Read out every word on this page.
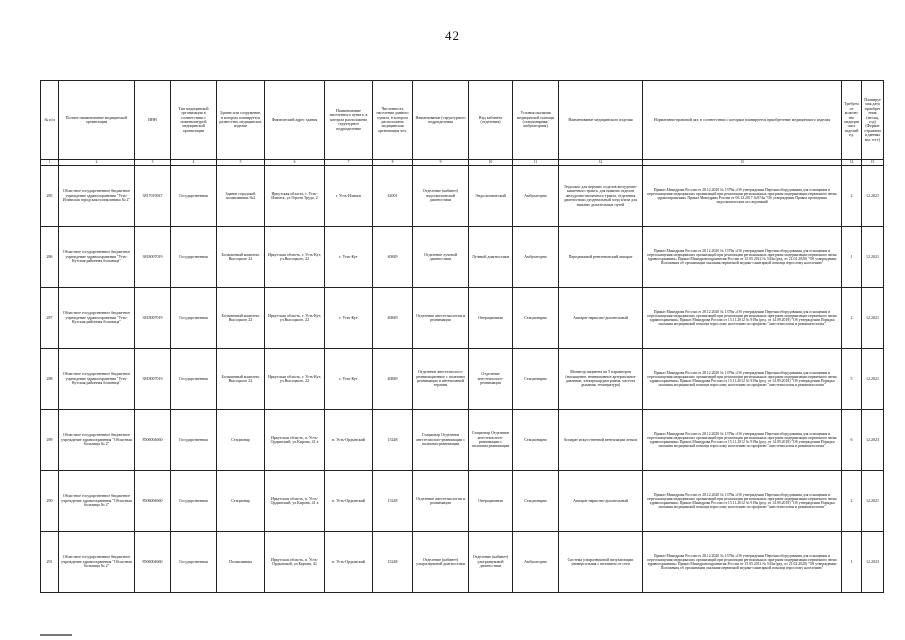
42
№ п/п	Полное наименование медицинской организации	ИНН	Тип медицинской организации в соответствии с номенклатурой медицинской организации	Здание или сооружение, в котором планируется разместить медицинское изделие	Фактический адрес здания	Наименование населенного пункта, в котором расположена структурное подразделение	Численность населения данного пункта, в котором расположена медицинская организация чел.	Наименование (структурного подразделения	Вид кабинета (отделения)	Условия оказания медицинской помощи (стационарная/ амбулаторная)	Наименование медицинского изделия	Нормативно-правовой акт, в соответствии с которым планируется приобретение медицинского изделия	Требуемое количество медицинских изделий ед.	Планируемая дата приобретения (месяц, год) (Формат отражения данных мм. гггг.)
1	2	3	4	5	6	7	8	9	10	11	12	13	14	15
285	Областное государственное бюджетное учреждение здравоохранения "Усть-Илимская городская поликлиника № 2"	3817019947	Государственная	Здание городской поликлиники №2	Иркутская область, г. Усть-Илимск, ул Героев Труда, 2	г. Усть-Илимск	42001	Отделение (кабинет) эндоскопической диагностики	Эндоскопический	Амбулаторно	Эндоскоп для верхних отделов желудочно-кишечного тракта, для нижних отделов желудочно-кишечного тракта, отделения диагностики дуоденальный зонд и/или для нижних дыхательных путей	Приказ Минздрава России от 28.12.2020 № 1379н «Об утверждении Перечня оборудования для оснащения и переоснащения медицинских организаций при реализации региональных программ модернизации первичного звена здравоохранения» Приказ Минздрава России от 06.12.2017 №974н "Об утверждении Правил проведения эндоскопических исследований	2	12.2021
286	Областное государственное бюджетное учреждение здравоохранения "Усть-Кутская районная больница"	3818007019	Государственная	Больничный комплекс Высоцкого 22	Иркутская область, г. Усть-Кут, ул.Высоцкого, 22	г. Усть-Кут	40849	Отделение лучевой диагностики	Лучевой диагностики	Амбулаторно	Передвижной рентгеновский аппарат	Приказ Минздрава России от 28.12.2020 № 1379н «Об утверждении Перечня оборудования для оснащения и переоснащения медицинских организаций при реализации региональных программ модернизации первичного звена здравоохранения» Приказ Минздравсоцразвития России от 15.05.2012 № 543н (ред. от 21.02.2020) "Об утверждении Положения об организации оказания первичной медико-санитарной помощи взрослому населению"	1	12.2021
287	Областное государственное бюджетное учреждение здравоохранения "Усть-Кутская районная больница"	3818007019	Государственная	Больничный комплекс Высоцкого 22	Иркутская область, г. Усть-Кут, ул.Высоцкого, 22	г. Усть-Кут	40849	Отделение анестезиологии и реанимации	Операционная	Стационарно	Аппарат наркозно-дыхательный	Приказ Минздрава России от 28.12.2020 № 1379н «Об утверждении Перечня оборудования для оснащения и переоснащения медицинских организаций при реализации региональных программ модернизации первичного звена здравоохранения» Приказ Минздрава России от 15.11.2012 № 919н (ред. от 14.09.2018) "Об утверждении Порядка оказания медицинской помощи взрослому населению по профилю "анестезиология и реаниматология"	2	12.2021
288	Областное государственное бюджетное учреждение здравоохранения "Усть-Кутская районная больница"	3818007019	Государственная	Больничный комплекс Высоцкого 22	Иркутская область, г. Усть-Кут, ул.Высоцкого, 22	г. Усть-Кут	40849	Отделение анестезиолого-реанимационное с палатами реанимации и интенсивной терапии	Отделение анестезиолого-реанимации	Стационарно	Монитор пациента на 5 параметров (насыщение, неинвазивное артериальное давление, электрокардиограмма, частота дыхания, температура)	Приказ Минздрава России от 28.12.2020 № 1379н «Об утверждении Перечня оборудования для оснащения и переоснащения медицинских организаций при реализации региональных программ модернизации первичного звена здравоохранения» Приказ Минздрава России от 15.11.2012 № 919н (ред. от 14.09.2018) "Об утверждении Порядка оказания медицинской помощи взрослому населению по профилю "анестезиология и реаниматология"	5	12.2021
289	Областное государственное бюджетное учреждение здравоохранения "Областная больница № 2"	8506004660	Государственная	Стационар	Иркутская область, п. Усть-Ордынский, ул.Кирова, 41 а	п. Усть-Ордынский	15248	Стационар Отделение анестезиолого-реанимации с палатами реанимации	Стационар Отделение анестезиолого-реанимации с палатами реанимации	Стационарно	Аппарат искусственной вентиляции легких	Приказ Минздрава России от 28.12.2020 № 1379н «Об утверждении Перечня оборудования для оснащения и переоснащения медицинских организаций при реализации региональных программ модернизации первичного звена здравоохранения» Приказ Минздрава России от 15.11.2012 № 919н (ред. от 14.09.2018) "Об утверждении Порядка оказания медицинской помощи взрослому населению по профилю "анестезиология и реаниматология"	6	12.2023
290	Областное государственное бюджетное учреждение здравоохранения "Областная больница № 2"	8506004660	Государственная	Стационар	Иркутская область, п. Усть-Ордынский, ул.Кирова, 41 а	п. Усть-Ордынский	15248	Отделение анестезиологии и реанимации	Операционная	Стационарно	Аппарат наркозно-дыхательный	Приказ Минздрава России от 28.12.2020 № 1379н «Об утверждении Перечня оборудования для оснащения и переоснащения медицинских организаций при реализации региональных программ модернизации первичного звена здравоохранения» Приказ Минздрава России от 15.11.2012 № 919н (ред. от 14.09.2018) "Об утверждении Порядка оказания медицинской помощи взрослому населению по профилю "анестезиология и реаниматология"	2	12.2021
291	Областное государственное бюджетное учреждение здравоохранения "Областная больница № 2"	8506004660	Государственная	Поликлиника	Иркутская область, п. Усть-Ордынский, ул.Кирова, 41	п. Усть-Ордынский	15248	Отделение (кабинет) ультразвуковой диагностики	Отделение (кабинет) ультразвуковой диагностики	Амбулаторно	Система ультразвуковой визуализации универсальная с питанием от сети	Приказ Минздрава России от 28.12.2020 № 1379н «Об утверждении Перечня оборудования для оснащения и переоснащения медицинских организаций при реализации региональных программ модернизации первичного звена здравоохранения» Приказ Минздравсоцразвития России от 15.05.2012 № 543н (ред. от 21.02.2020) "Об утверждении Положения об организации оказания первичной медико-санитарной помощи взрослому населению"	1	12.2023
